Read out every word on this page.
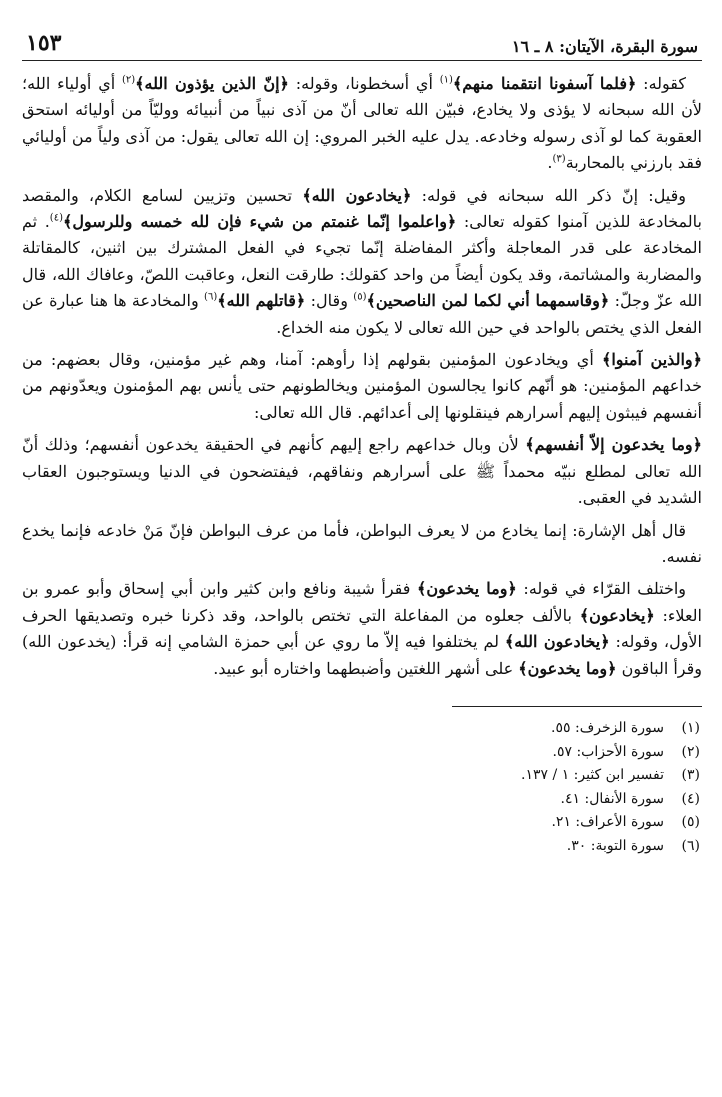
سورة البقرة، الآيتان: ٨ ـ ١٦
١٥٣

كقوله: ﴿فلما آسفونا انتقمنا منهم﴾$^{(١)}$ أي أسخطونا، وقوله: ﴿إنّ الذين يؤذون الله﴾$^{(٢)}$ أي أولياء الله؛ لأن الله سبحانه لا يؤذى ولا يخادع، فبيّن الله تعالى أنّ من آذى نبياً من أنبيائه ووليّاً من أوليائه استحق العقوبة كما لو آذى رسوله وخادعه. يدل عليه الخبر المروي: إن الله تعالى يقول: من آذى ولياً من أوليائي فقد بارزني بالمحاربة$^{(٣)}$.

وقيل: إنّ ذكر الله سبحانه في قوله: ﴿يخادعون الله﴾ تحسين وتزيين لسامع الكلام، والمقصد بالمخادعة للذين آمنوا كقوله تعالى: ﴿واعلموا إنّما غنمتم من شيء فإن لله خمسه وللرسول﴾$^{(٤)}$. ثم المخادعة على قدر المعاجلة وأكثر المفاضلة إنّما تجيء في الفعل المشترك بين اثنين، كالمقاتلة والمضاربة والمشاتمة، وقد يكون أيضاً من واحد كقولك: طارقت النعل، وعاقبت اللصّ، وعافاك الله، قال الله عزّ وجلّ: ﴿وقاسمهما أني لكما لمن الناصحين﴾$^{(٥)}$ وقال: ﴿قاتلهم الله﴾$^{(٦)}$ والمخادعة ها هنا عبارة عن الفعل الذي يختص بالواحد في حين الله تعالى لا يكون منه الخداع.

﴿والذين آمنوا﴾ أي ويخادعون المؤمنين بقولهم إذا رأوهم: آمنا، وهم غير مؤمنين، وقال بعضهم: من خداعهم المؤمنين: هو أنّهم كانوا يجالسون المؤمنين ويخالطونهم حتى يأنس بهم المؤمنون ويعدّونهم من أنفسهم فيبثون إليهم أسرارهم فينقلونها إلى أعدائهم. قال الله تعالى:

﴿وما يخدعون إلاّ أنفسهم﴾ لأن وبال خداعهم راجع إليهم كأنهم في الحقيقة يخدعون أنفسهم؛ وذلك أنّ الله تعالى لمطلع نبيّه محمداً ﷺ على أسرارهم ونفاقهم، فيفتضحون في الدنيا ويستوجبون العقاب الشديد في العقبى.

قال أهل الإشارة: إنما يخادع من لا يعرف البواطن، فأما من عرف البواطن فإنّ مَنْ خادعه فإنما يخدع نفسه.

واختلف القرّاء في قوله: ﴿وما يخدعون﴾ فقرأ شيبة ونافع وابن كثير وابن أبي إسحاق وأبو عمرو بن العلاء: ﴿يخادعون﴾ بالألف جعلوه من المفاعلة التي تختص بالواحد، وقد ذكرنا خبره وتصديقها الحرف الأول، وقوله: ﴿يخادعون الله﴾ لم يختلفوا فيه إلاّ ما روي عن أبي حمزة الشامي إنه قرأ: (يخدعون الله) وقرأ الباقون ﴿وما يخدعون﴾ على أشهر اللغتين وأضبطهما واختاره أبو عبيد.

(١)
سورة الزخرف: ٥٥.
(٢)
سورة الأحزاب: ٥٧.
(٣)
تفسير ابن كثير: ١ / ١٣٧.
(٤)
سورة الأنفال: ٤١.
(٥)
سورة الأعراف: ٢١.
(٦)
سورة التوبة: ٣٠.
